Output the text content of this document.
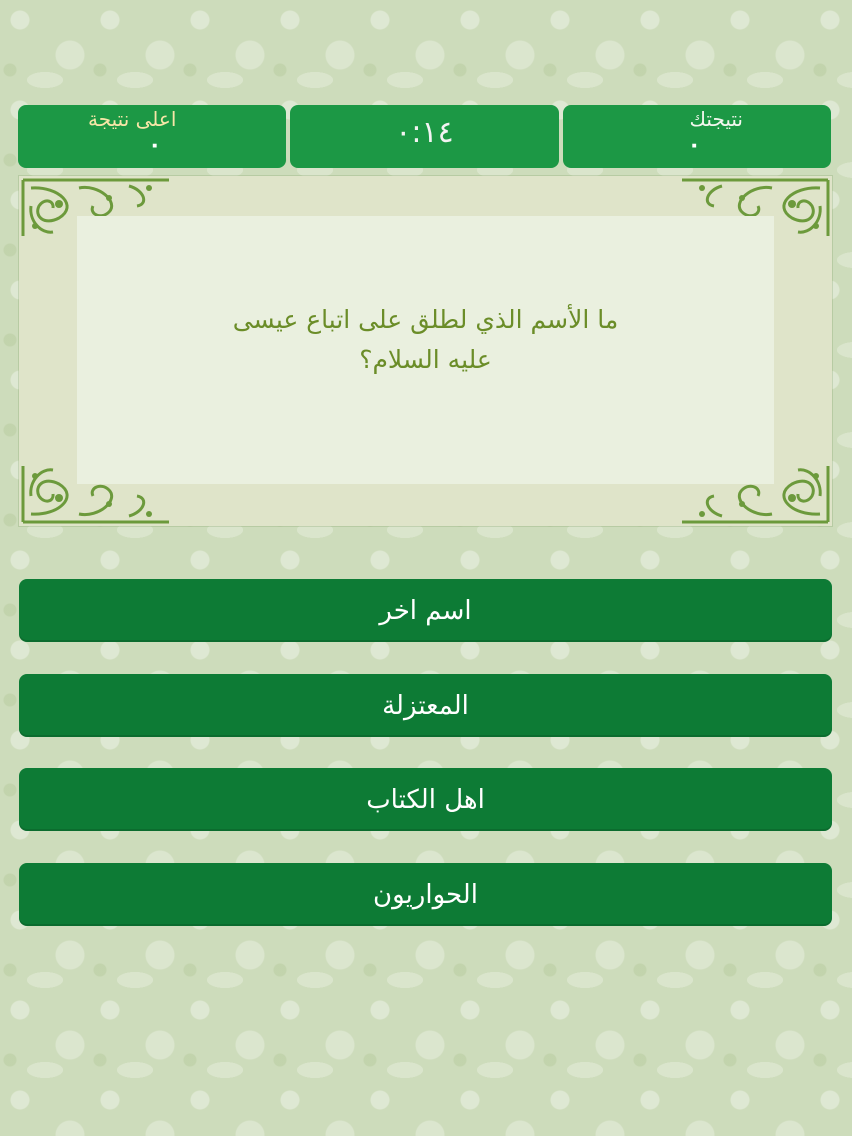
اعلى نتيجة
٠	٠:١٤	نتيجتك
٠
ما الأسم الذي لطلق على اتباع عيسى عليه السلام؟
اسم اخر
المعتزلة
اهل الكتاب
الحواريون
